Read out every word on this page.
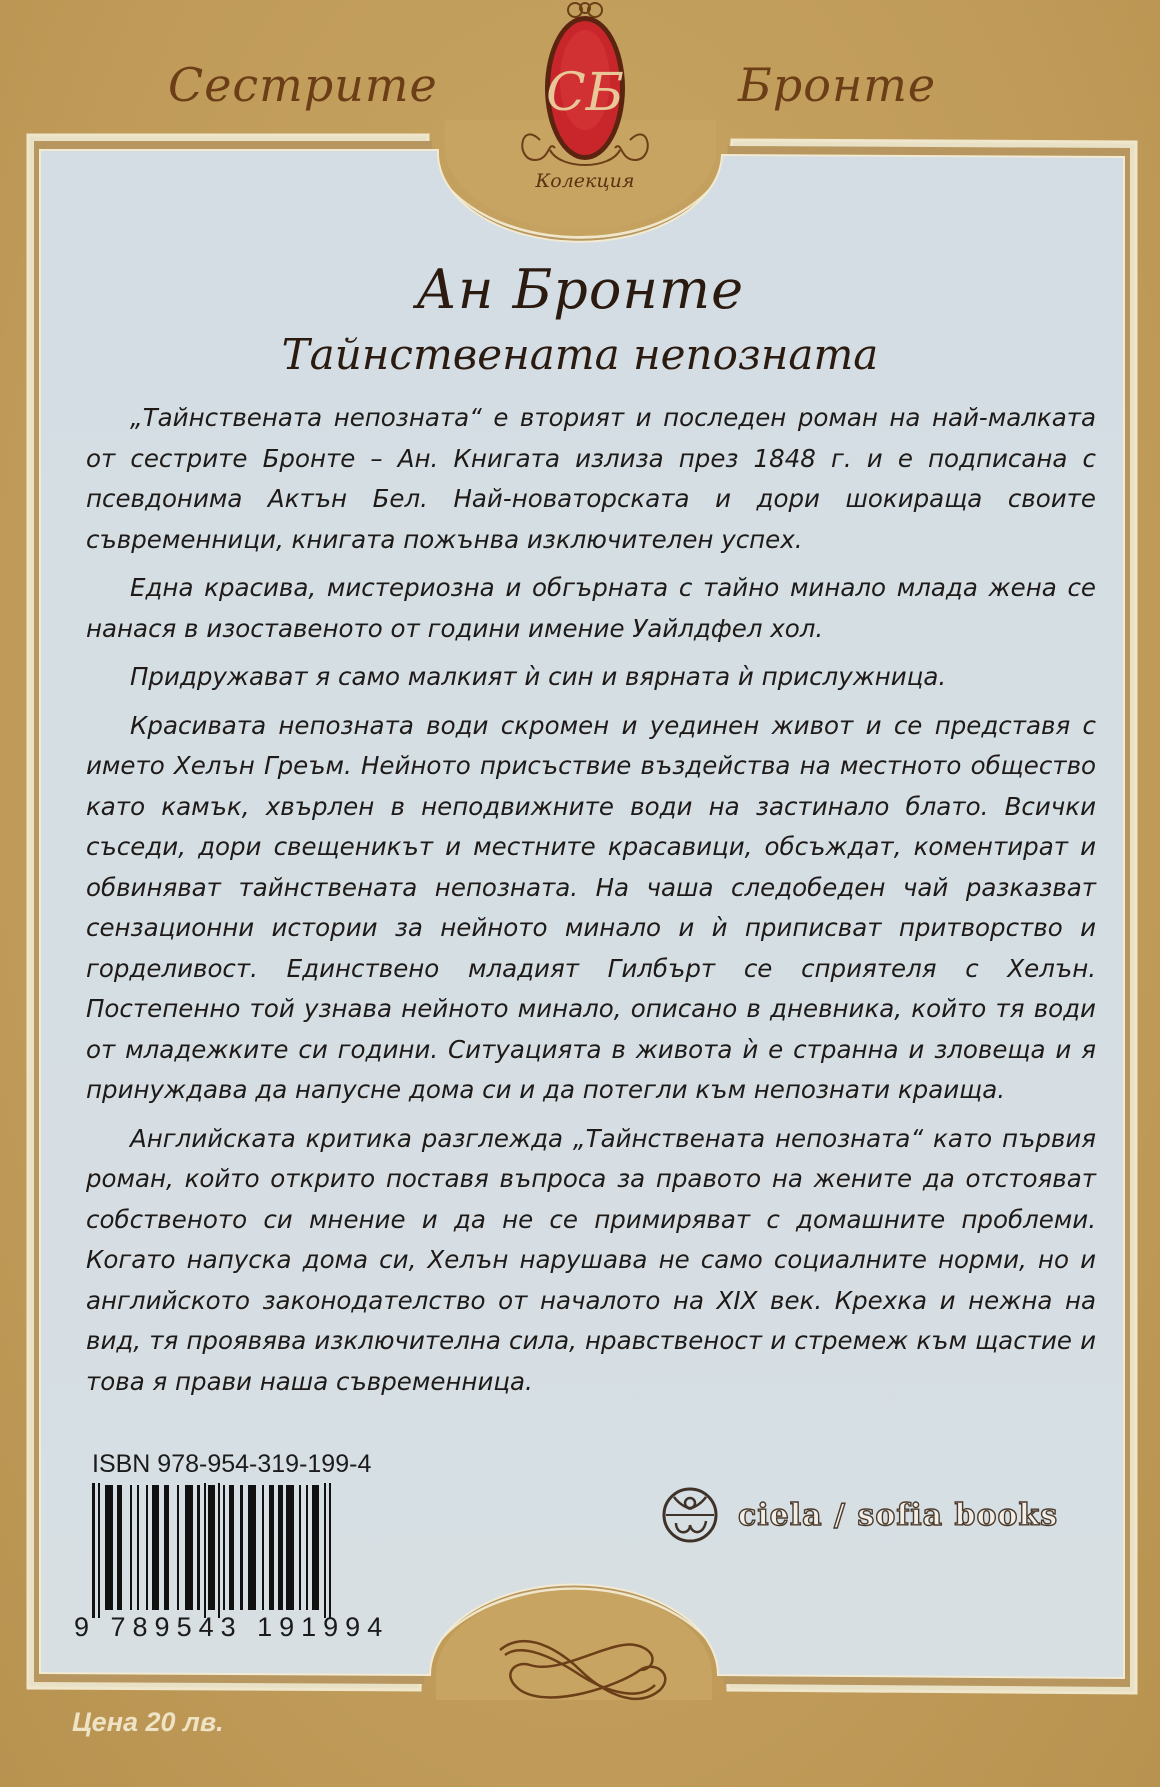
Сестрите	Бронте
СБ
Колекция
Ан Бронте
Тайнствената непозната

„Тайнствената непозната“ е вторият и последен роман на най-малката от сестрите Бронте – Ан. Книгата излиза през 1848 г. и е подписана с псевдонима Актън Бел. Най-новаторската и дори шокираща своите съвременници, книгата пожънва изключителен успех.

Една красива, мистериозна и обгърната с тайно минало млада жена се нанася в изоставеното от години имение Уайлдфел хол.

Придружават я само малкият ѝ син и вярната ѝ прислужница.

Красивата непозната води скромен и уединен живот и се представя с името Хелън Греъм. Нейното присъствие въздейства на местното общество като камък, хвърлен в неподвижните води на застинало блато. Всички съседи, дори свещеникът и местните красавици, обсъждат, коментират и обвиняват тайнствената непозната. На чаша следобеден чай разказват сензационни истории за нейното минало и ѝ приписват притворство и горделивост. Единствено младият Гилбърт се сприятеля с Хелън. Постепенно той узнава нейното минало, описано в дневника, който тя води от младежките си години. Ситуацията в живота ѝ е странна и зловеща и я принуждава да напусне дома си и да потегли към непознати краища.

Английската критика разглежда „Тайнствената непозната“ като първия роман, който открито поставя въпроса за правото на жените да отстояват собственото си мнение и да не се примиряват с домашните проблеми. Когато напуска дома си, Хелън нарушава не само социалните норми, но и английското законодателство от началото на XIX век. Крехка и нежна на вид, тя проявява изключителна сила, нравственост и стремеж към щастие и това я прави наша съвременница.

ISBN 978-954-319-199-4
9 789543 191994
ciela / sofia books
Цена 20 лв.
